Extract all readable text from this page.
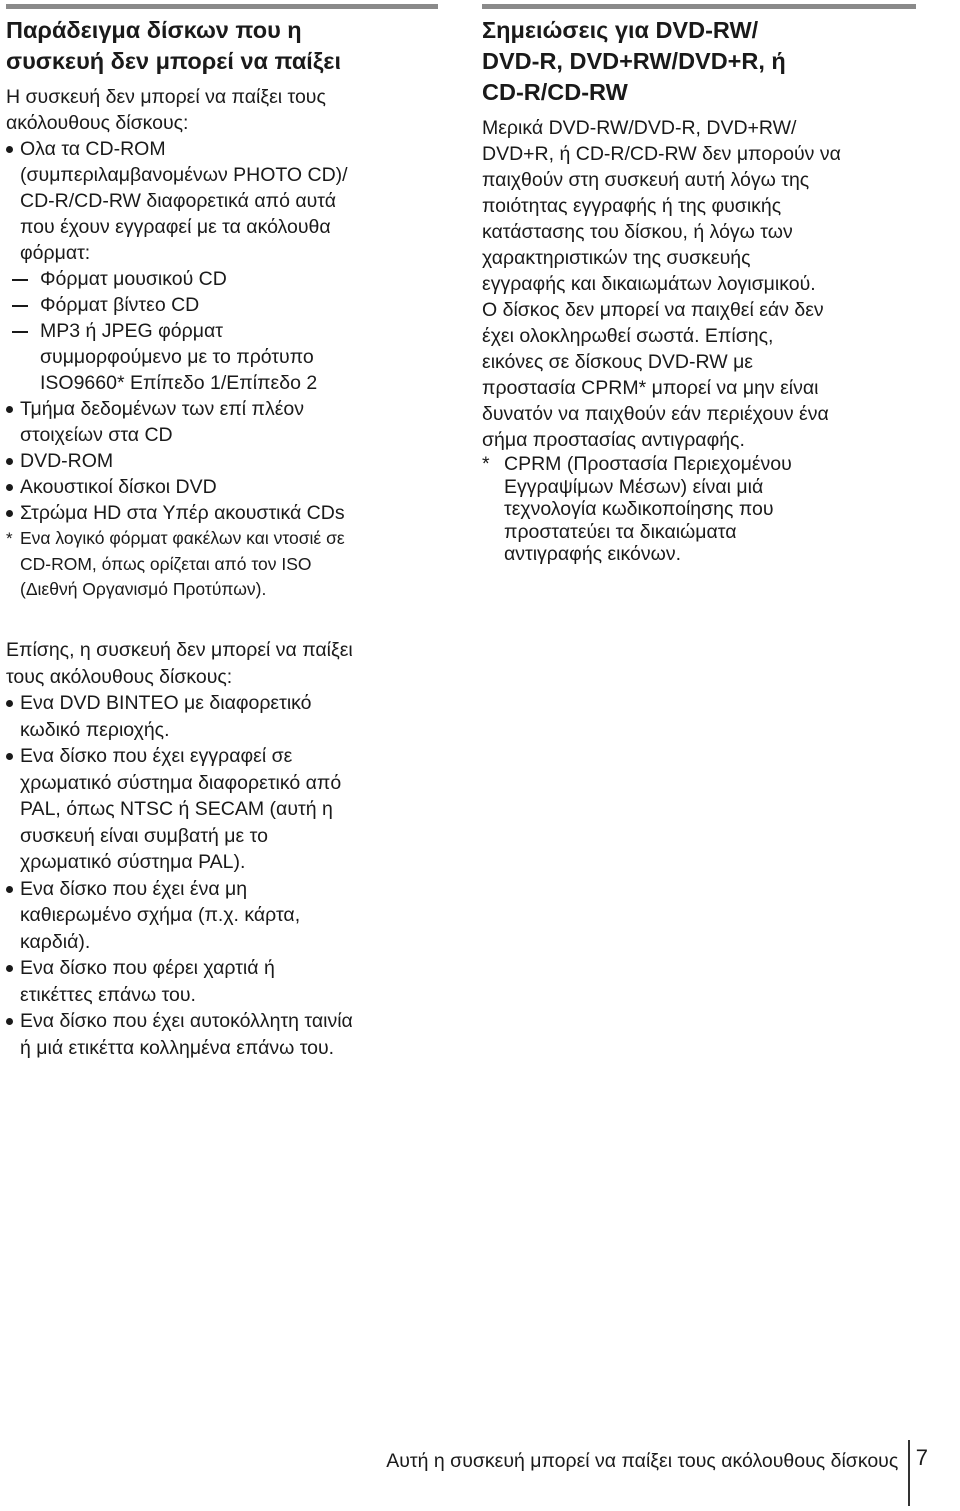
Παράδειγμα δίσκων που η
συσκευή δεν μπορεί να παίξει
Η συσκευή δεν μπορεί να παίξει τους
ακόλουθους δίσκους:
Ολα τα CD-ROM
(συμπεριλαμβανομένων PHOTO CD)/
CD-R/CD-RW διαφορετικά από αυτά
που έχουν εγγραφεί με τα ακόλουθα
φόρματ:
Φόρματ μουσικού CD
Φόρματ βίντεο CD
MP3 ή JPEG φόρματ
συμμορφούμενο με το πρότυπο
ISO9660* Επίπεδο 1/Επίπεδο 2
Τμήμα δεδομένων των επί πλέον
στοιχείων στα CD
DVD-ROM
Ακουστικοί δίσκοι DVD
Στρώμα HD στα Υπέρ ακουστικά CDs
* Ενα λογικό φόρματ φακέλων και ντοσιέ σε
CD-ROM, όπως ορίζεται από τον ISO
(Διεθνή Οργανισμό Προτύπων).
Επίσης, η συσκευή δεν μπορεί να παίξει
τους ακόλουθους δίσκους:
Ενα DVD ΒΙΝΤΕΟ με διαφορετικό
κωδικό περιοχής.
Ενα δίσκο που έχει εγγραφεί σε
χρωματικό σύστημα διαφορετικό από
PAL, όπως NTSC ή SECAM (αυτή η
συσκευή είναι συμβατή με το
χρωματικό σύστημα PAL).
Ενα δίσκο που έχει ένα μη
καθιερωμένο σχήμα (π.χ. κάρτα,
καρδιά).
Ενα δίσκο που φέρει χαρτιά ή
ετικέττες επάνω του.
Ενα δίσκο που έχει αυτοκόλλητη ταινία
ή μιά ετικέττα κολλημένα επάνω του.
Σημειώσεις για DVD-RW/
DVD-R, DVD+RW/DVD+R, ή
CD-R/CD-RW
Μερικά DVD-RW/DVD-R, DVD+RW/
DVD+R, ή CD-R/CD-RW δεν μπορούν να
παιχθούν στη συσκευή αυτή λόγω της
ποιότητας εγγραφής ή της φυσικής
κατάστασης του δίσκου, ή λόγω των
χαρακτηριστικών της συσκευής
εγγραφής και δικαιωμάτων λογισμικού.
Ο δίσκος δεν μπορεί να παιχθεί εάν δεν
έχει ολοκληρωθεί σωστά. Επίσης,
εικόνες σε δίσκους DVD-RW με
προστασία CPRM* μπορεί να μην είναι
δυνατόν να παιχθούν εάν περιέχουν ένα
σήμα προστασίας αντιγραφής.
* CPRM (Προστασία Περιεχομένου
Εγγραψίμων Μέσων) είναι μιά
τεχνολογία κωδικοποίησης που
προστατεύει τα δικαιώματα
αντιγραφής εικόνων.
Αυτή η συσκευή μπορεί να παίξει τους ακόλουθους δίσκους 7
